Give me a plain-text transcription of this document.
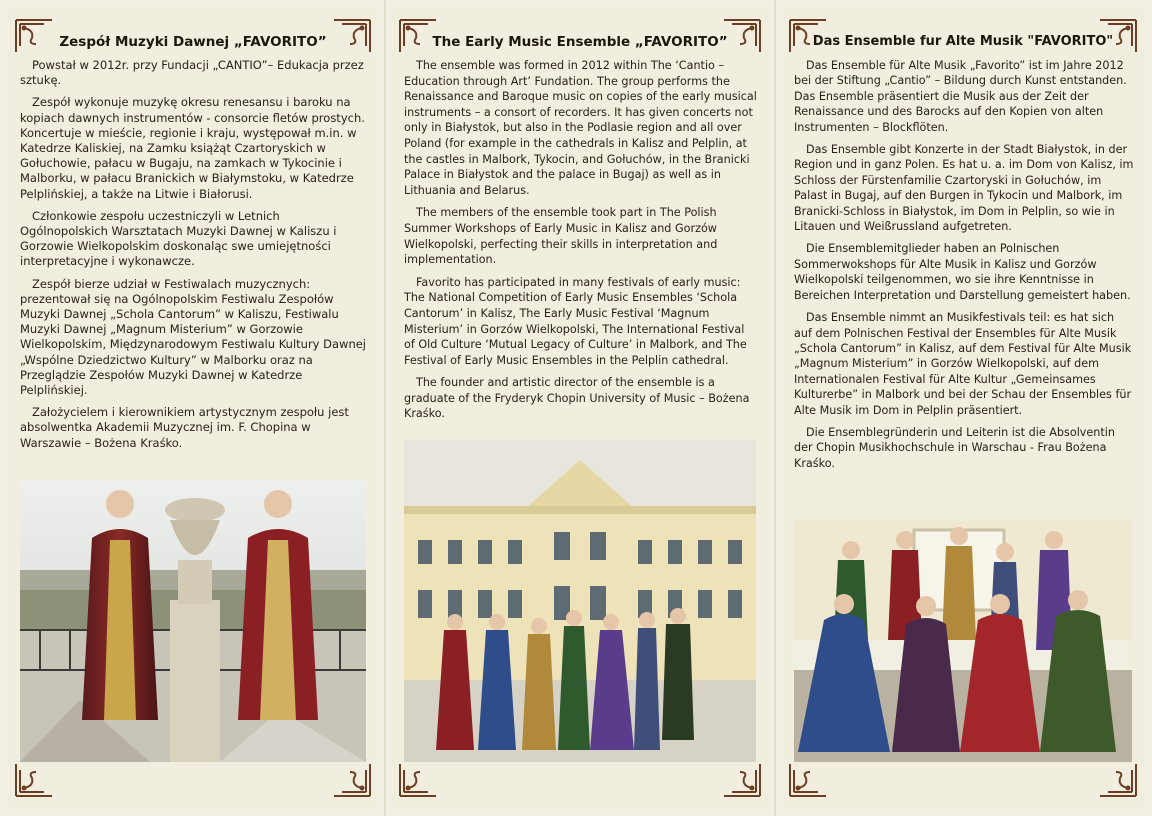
Zespół Muzyki Dawnej „FAVORITO”

Powstał w 2012r. przy Fundacji „CANTIO”– Edukacja przez sztukę.

Zespół wykonuje muzykę okresu renesansu i baroku na kopiach dawnych instrumentów - consorcie fletów prostych. Koncertuje w mieście, regionie i kraju, występował m.in. w Katedrze Kaliskiej, na Zamku książąt Czartoryskich w Gołuchowie, pałacu w Bugaju, na zamkach w Tykocinie i Malborku, w pałacu Branickich w Białymstoku, w Katedrze Pelplińskiej, a także na Litwie i Białorusi.

Członkowie zespołu uczestniczyli w Letnich Ogólnopolskich Warsztatach Muzyki Dawnej w Kaliszu i Gorzowie Wielkopolskim doskonaląc swe umiejętności interpretacyjne i wykonawcze.

Zespół bierze udział w Festiwalach muzycznych: prezentował się na Ogólnopolskim Festiwalu Zespołów Muzyki Dawnej „Schola Cantorum” w Kaliszu, Festiwalu Muzyki Dawnej „Magnum Misterium” w Gorzowie Wielkopolskim, Międzynarodowym Festiwalu Kultury Dawnej „Wspólne Dziedzictwo Kultury” w Malborku oraz na Przeglądzie Zespołów Muzyki Dawnej w Katedrze Pelplińskiej.

Założycielem i kierownikiem artystycznym zespołu jest absolwentka Akademii Muzycznej im. F. Chopina w Warszawie – Bożena Kraśko.

The Early Music Ensemble „FAVORITO”

The ensemble was formed in 2012 within The ‘Cantio – Education through Art’ Fundation. The group performs the Renaissance and Baroque music on copies of the early musical instruments – a consort of recorders. It has given concerts not only in Białystok, but also in the Podlasie region and all over Poland (for example in the cathedrals in Kalisz and Pelplin, at the castles in Malbork, Tykocin, and Gołuchów, in the Branicki Palace in Białystok and the palace in Bugaj) as well as in Lithuania and Belarus.

The members of the ensemble took part in The Polish Summer Workshops of Early Music in Kalisz and Gorzów Wielkopolski, perfecting their skills in interpretation and implementation.

Favorito has participated in many festivals of early music: The National Competition of Early Music Ensembles ‘Schola Cantorum’ in Kalisz, The Early Music Festival ‘Magnum Misterium’ in Gorzów Wielkopolski, The International Festival of Old Culture ‘Mutual Legacy of Culture’ in Malbork, and The Festival of Early Music Ensembles in the Pelplin cathedral.

The founder and artistic director of the ensemble is a graduate of the Fryderyk Chopin University of Music – Bożena Kraśko.

Das Ensemble fur Alte Musik "FAVORITO"

Das Ensemble für Alte Musik „Favorito” ist im Jahre 2012 bei der Stiftung „Cantio” – Bildung durch Kunst entstanden. Das Ensemble präsentiert die Musik aus der Zeit der Renaissance und des Barocks auf den Kopien von alten Instrumenten – Blockflöten.

Das Ensemble gibt Konzerte in der Stadt Białystok, in der Region und in ganz Polen. Es hat u. a. im Dom von Kalisz, im Schloss der Fürstenfamilie Czartoryski in Gołuchów, im Palast in Bugaj, auf den Burgen in Tykocin und Malbork, im Branicki-Schloss in Białystok, im Dom in Pelplin, so wie in Litauen und Weißrussland aufgetreten.

Die Ensemblemitglieder haben an Polnischen Sommerwokshops für Alte Musik in Kalisz und Gorzów Wielkopolski teilgenommen, wo sie ihre Kenntnisse in Bereichen Interpretation und Darstellung gemeistert haben.

Das Ensemble nimmt an Musikfestivals teil: es hat sich auf dem Polnischen Festival der Ensembles für Alte Musik „Schola Cantorum” in Kalisz, auf dem Festival für Alte Musik „Magnum Misterium” in Gorzów Wielkopolski, auf dem Internationalen Festival für Alte Kultur „Gemeinsames Kulturerbe” in Malbork und bei der Schau der Ensembles für Alte Musik im Dom in Pelplin präsentiert.

Die Ensemblegründerin und Leiterin ist die Absolventin der Chopin Musikhochschule in Warschau - Frau Bożena Kraśko.
